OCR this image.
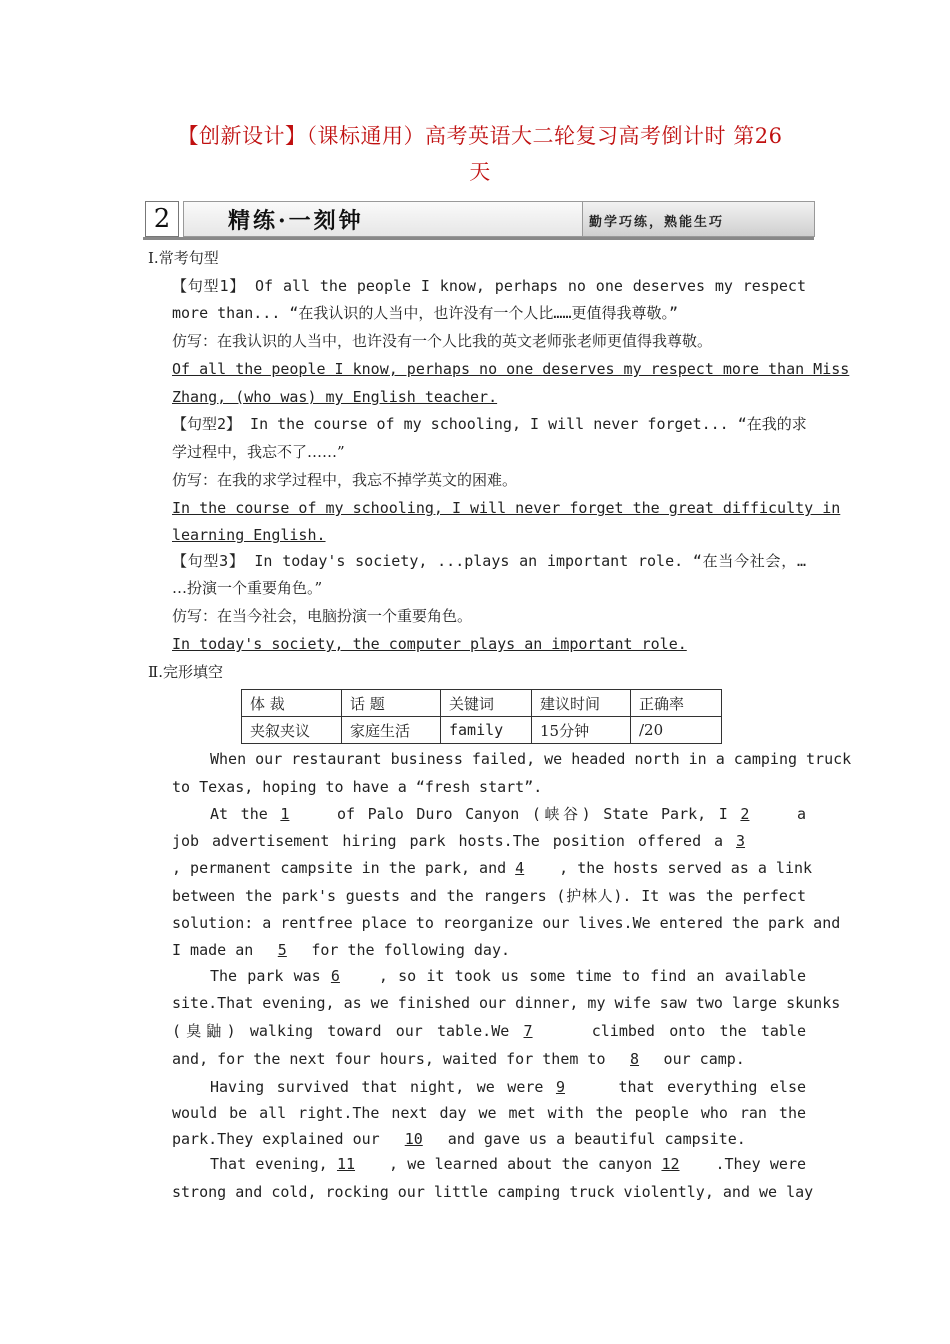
【创新设计】（课标通用）高考英语大二轮复习高考倒计时 第26
天
勤学巧练，熟能生巧
精练·一刻钟
2
Ⅰ.常考句型
【句型1】 Of all the people I know, perhaps no one deserves my respect
more than... “在我认识的人当中，也许没有一个人比……更值得我尊敬。”
仿写：在我认识的人当中，也许没有一个人比我的英文老师张老师更值得我尊敬。
Of all the people I know, perhaps no one deserves my respect more than Miss
Zhang, (who was) my English teacher.
【句型2】 In the course of my schooling, I will never forget... “在我的求
学过程中，我忘不了……”
仿写：在我的求学过程中，我忘不掉学英文的困难。
In the course of my schooling, I will never forget the great difficulty in
learning English.
【句型3】 In today's society, ...plays an important role. “在当今社会，…
…扮演一个重要角色。”
仿写：在当今社会，电脑扮演一个重要角色。
In today's society, the computer plays an important role.
Ⅱ.完形填空
体 裁	话 题	关键词	建议时间	正确率
夹叙夹议	家庭生活	family	15分钟	/20
When our restaurant business failed, we headed north in a camping truck
to Texas, hoping to have a “fresh start”.
At the 1	of Palo Duro Canyon (峡谷) State Park, I 2	a
job advertisement hiring park hosts.The position offered a 3
, permanent campsite in the park, and 4 , the hosts served as a link
between the park's guests and the rangers (护林人). It was the perfect
solution: a rentfree place to reorganize our lives.We entered the park and
I made an 5 for the following day.
The park was 6	, so it took us some time to find an available
site.That evening, as we finished our dinner, my wife saw two large skunks
(臭鼬) walking toward our table.We 7	climbed onto the table
and, for the next four hours, waited for them to 8 our camp.
Having survived that night, we were 9	that everything else
would be all right.The next day we met with the people who ran the
park.They explained our 10 and gave us a beautiful campsite.
That evening, 11 , we learned about the canyon 12 .They were
strong and cold, rocking our little camping truck violently, and we lay
